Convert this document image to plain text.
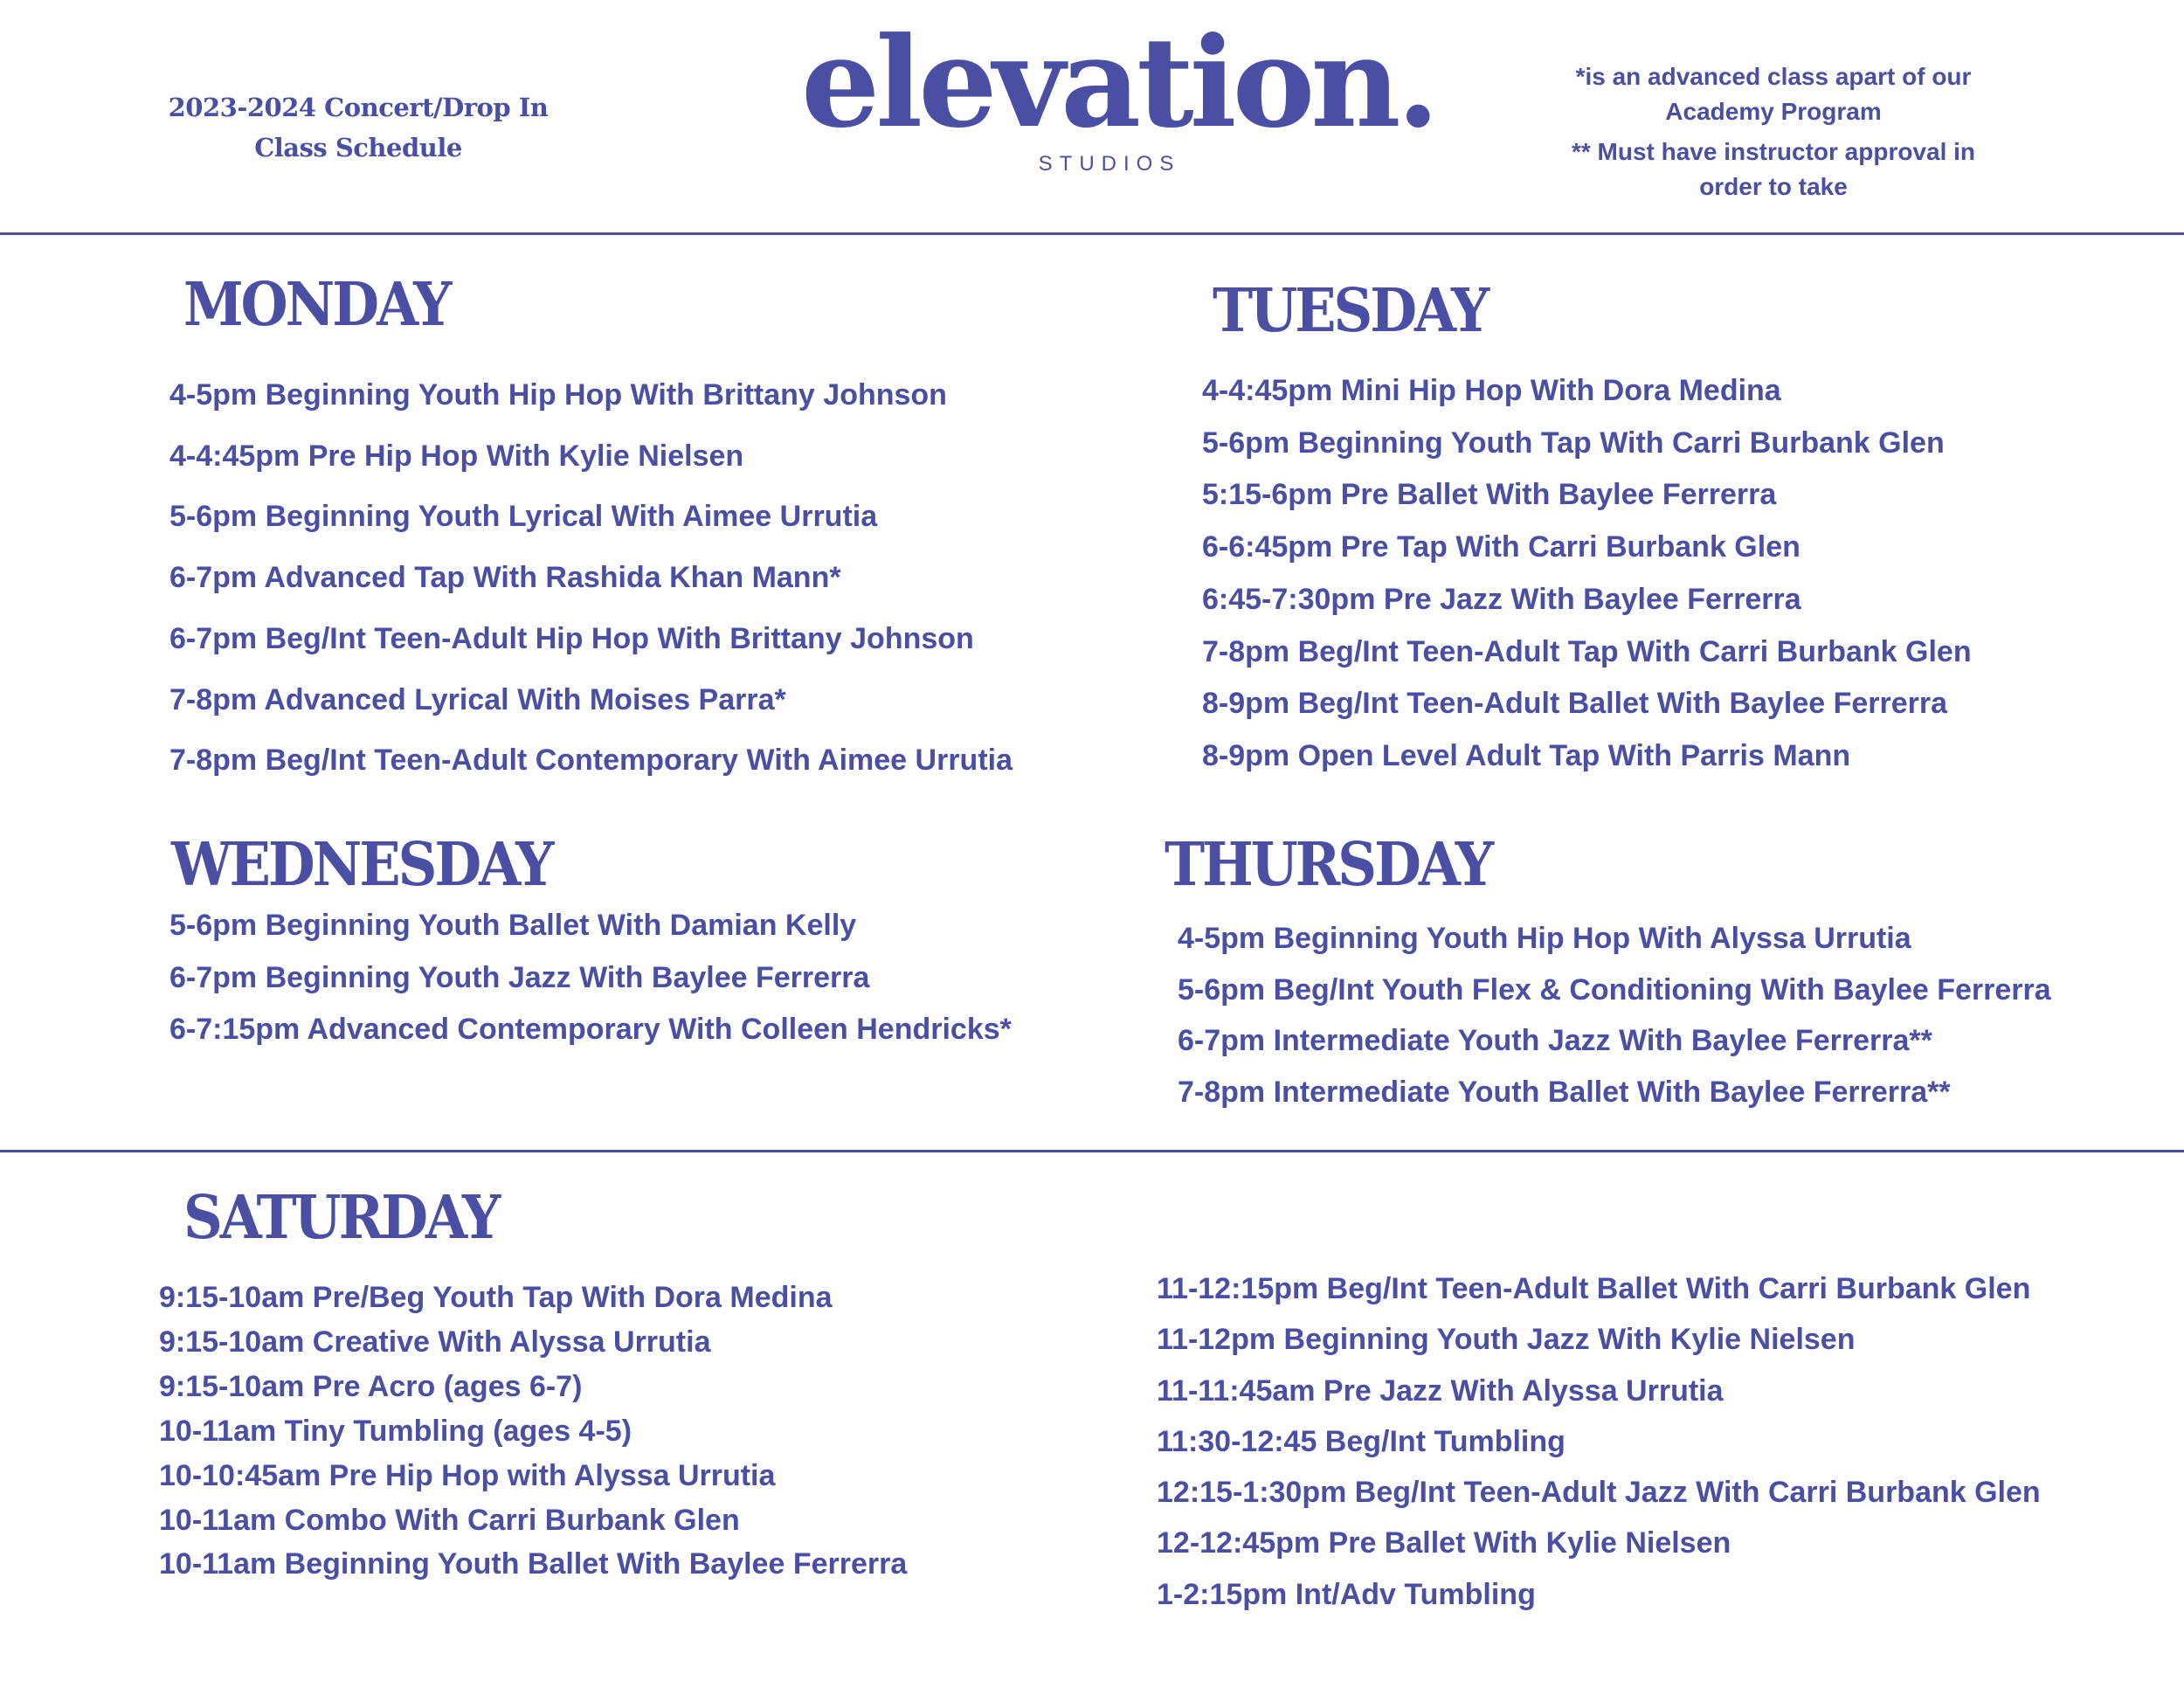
2023-2024 Concert/Drop In
Class Schedule	elevation.
STUDIOS
*is an advanced class apart of our
Academy Program
** Must have instructor approval in
order to take
MONDAY
4-5pm Beginning Youth Hip Hop With Brittany Johnson
4-4:45pm Pre Hip Hop With Kylie Nielsen
5-6pm Beginning Youth Lyrical With Aimee Urrutia
6-7pm Advanced Tap With Rashida Khan Mann*
6-7pm Beg/Int Teen-Adult Hip Hop With Brittany Johnson
7-8pm Advanced Lyrical With Moises Parra*
7-8pm Beg/Int Teen-Adult Contemporary With Aimee Urrutia
TUESDAY
4-4:45pm Mini Hip Hop With Dora Medina
5-6pm Beginning Youth Tap With Carri Burbank Glen
5:15-6pm Pre Ballet With Baylee Ferrerra
6-6:45pm Pre Tap With Carri Burbank Glen
6:45-7:30pm Pre Jazz With Baylee Ferrerra
7-8pm Beg/Int Teen-Adult Tap With Carri Burbank Glen
8-9pm Beg/Int Teen-Adult Ballet With Baylee Ferrerra
8-9pm Open Level Adult Tap With Parris Mann
WEDNESDAY
5-6pm Beginning Youth Ballet With Damian Kelly
6-7pm Beginning Youth Jazz With Baylee Ferrerra
6-7:15pm Advanced Contemporary With Colleen Hendricks*
THURSDAY
4-5pm Beginning Youth Hip Hop With Alyssa Urrutia
5-6pm Beg/Int Youth Flex & Conditioning With Baylee Ferrerra
6-7pm Intermediate Youth Jazz With Baylee Ferrerra**
7-8pm Intermediate Youth Ballet With Baylee Ferrerra**
SATURDAY
9:15-10am Pre/Beg Youth Tap With Dora Medina
9:15-10am Creative With Alyssa Urrutia
9:15-10am Pre Acro (ages 6-7)
10-11am Tiny Tumbling (ages 4-5)
10-10:45am Pre Hip Hop with Alyssa Urrutia
10-11am Combo With Carri Burbank Glen
10-11am Beginning Youth Ballet With Baylee Ferrerra
11-12:15pm Beg/Int Teen-Adult Ballet With Carri Burbank Glen
11-12pm Beginning Youth Jazz With Kylie Nielsen
11-11:45am Pre Jazz With Alyssa Urrutia
11:30-12:45 Beg/Int Tumbling
12:15-1:30pm Beg/Int Teen-Adult Jazz With Carri Burbank Glen
12-12:45pm Pre Ballet With Kylie Nielsen
1-2:15pm Int/Adv Tumbling
